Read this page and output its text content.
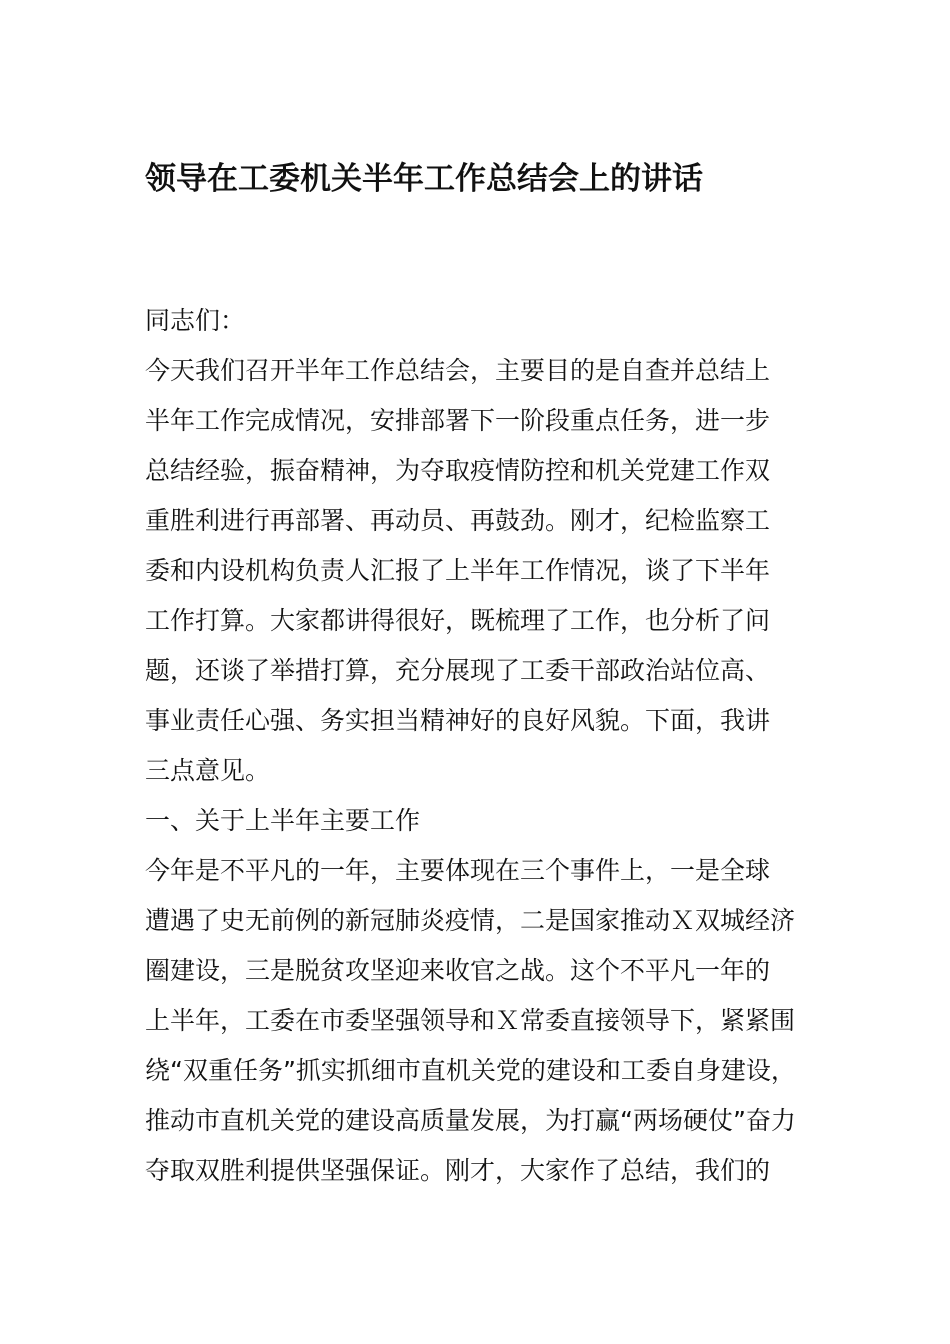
领导在工委机关半年工作总结会上的讲话

同志们：

今天我们召开半年工作总结会，主要目的是自查并总结上

半年工作完成情况，安排部署下一阶段重点任务，进一步

总结经验，振奋精神，为夺取疫情防控和机关党建工作双

重胜利进行再部署、再动员、再鼓劲。刚才，纪检监察工

委和内设机构负责人汇报了上半年工作情况，谈了下半年

工作打算。大家都讲得很好，既梳理了工作，也分析了问

题，还谈了举措打算，充分展现了工委干部政治站位高、

事业责任心强、务实担当精神好的良好风貌。下面，我讲

三点意见。

一、关于上半年主要工作

今年是不平凡的一年，主要体现在三个事件上，一是全球

遭遇了史无前例的新冠肺炎疫情，二是国家推动Ｘ双城经济

圈建设，三是脱贫攻坚迎来收官之战。这个不平凡一年的

上半年，工委在市委坚强领导和Ｘ常委直接领导下，紧紧围

绕“双重任务”抓实抓细市直机关党的建设和工委自身建设，

推动市直机关党的建设高质量发展，为打赢“两场硬仗”奋力

夺取双胜利提供坚强保证。刚才，大家作了总结，我们的
